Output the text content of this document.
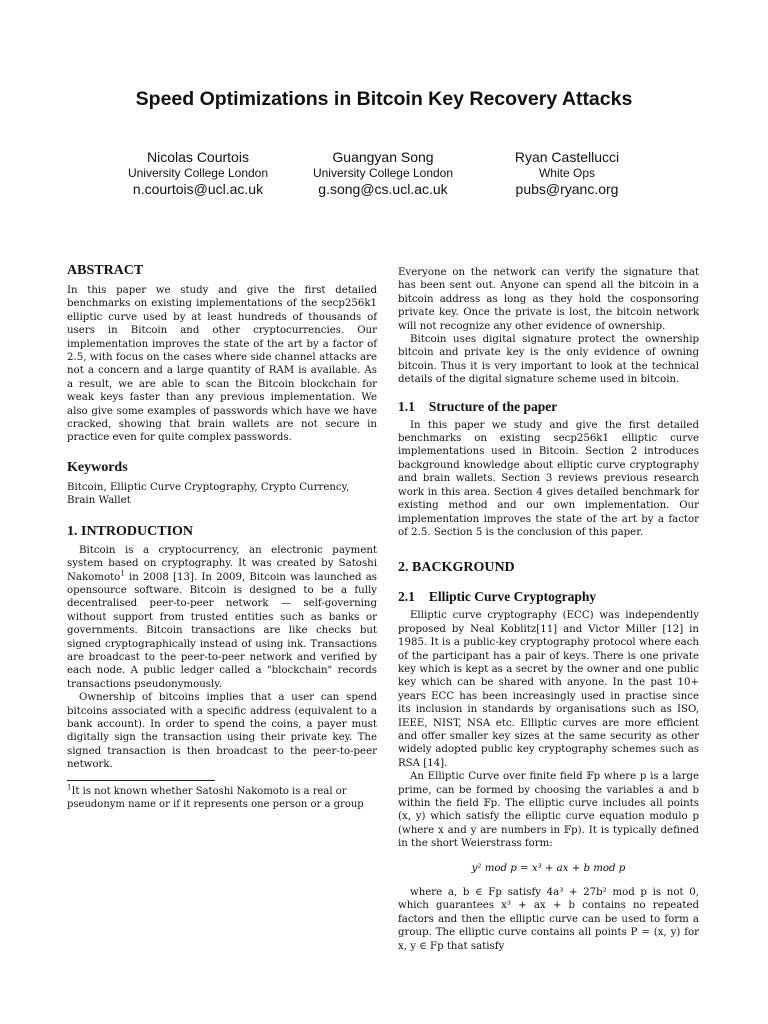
Speed Optimizations in Bitcoin Key Recovery Attacks
Nicolas Courtois
University College London
n.courtois@ucl.ac.uk
Guangyan Song
University College London
g.song@cs.ucl.ac.uk
Ryan Castellucci
White Ops
pubs@ryanc.org
ABSTRACT

In this paper we study and give the first detailed benchmarks on existing implementations of the secp256k1 elliptic curve used by at least hundreds of thousands of users in Bitcoin and other cryptocurrencies. Our implementation improves the state of the art by a factor of 2.5, with focus on the cases where side channel attacks are not a concern and a large quantity of RAM is available. As a result, we are able to scan the Bitcoin blockchain for weak keys faster than any previous implementation. We also give some examples of passwords which have we have cracked, showing that brain wallets are not secure in practice even for quite complex passwords.

Keywords

Bitcoin, Elliptic Curve Cryptography, Crypto Currency, Brain Wallet

1. INTRODUCTION

Bitcoin is a cryptocurrency, an electronic payment system based on cryptography. It was created by Satoshi Nakomoto$^1$ in 2008 [13]. In 2009, Bitcoin was launched as opensource software. Bitcoin is designed to be a fully decentralised peer-to-peer network — self-governing without support from trusted entities such as banks or governments. Bitcoin transactions are like checks but signed cryptographically instead of using ink. Transactions are broadcast to the peer-to-peer network and verified by each node. A public ledger called a "blockchain" records transactions pseudonymously.

Ownership of bitcoins implies that a user can spend bitcoins associated with a specific address (equivalent to a bank account). In order to spend the coins, a payer must digitally sign the transaction using their private key. The signed transaction is then broadcast to the peer-to-peer network.

$^1$It is not known whether Satoshi Nakomoto is a real or pseudonym name or if it represents one person or a group

Everyone on the network can verify the signature that has been sent out. Anyone can spend all the bitcoin in a bitcoin address as long as they hold the cosponsoring private key. Once the private is lost, the bitcoin network will not recognize any other evidence of ownership.

Bitcoin uses digital signature protect the ownership bitcoin and private key is the only evidence of owning bitcoin. Thus it is very important to look at the technical details of the digital signature scheme used in bitcoin.

1.1 Structure of the paper

In this paper we study and give the first detailed benchmarks on existing secp256k1 elliptic curve implementations used in Bitcoin. Section 2 introduces background knowledge about elliptic curve cryptography and brain wallets. Section 3 reviews previous research work in this area. Section 4 gives detailed benchmark for existing method and our own implementation. Our implementation improves the state of the art by a factor of 2.5. Section 5 is the conclusion of this paper.

2. BACKGROUND
2.1 Elliptic Curve Cryptography

Elliptic curve cryptography (ECC) was independently proposed by Neal Koblitz[11] and Victor Miller [12] in 1985. It is a public-key cryptography protocol where each of the participant has a pair of keys. There is one private key which is kept as a secret by the owner and one public key which can be shared with anyone. In the past 10+ years ECC has been increasingly used in practise since its inclusion in standards by organisations such as ISO, IEEE, NIST, NSA etc. Elliptic curves are more efficient and offer smaller key sizes at the same security as other widely adopted public key cryptography schemes such as RSA [14].

An Elliptic Curve over finite field 𝔽p where p is a large prime, can be formed by choosing the variables a and b within the field 𝔽p. The elliptic curve includes all points (x, y) which satisfy the elliptic curve equation modulo p (where x and y are numbers in 𝔽p). It is typically defined in the short Weierstrass form:

y² mod p = x³ + ax + b mod p

where a, b ∈ Fp satisfy 4a³ + 27b² mod p is not 0, which guarantees x³ + ax + b contains no repeated factors and then the elliptic curve can be used to form a group. The elliptic curve contains all points P = (x, y) for x, y ∈ Fp that satisfy
